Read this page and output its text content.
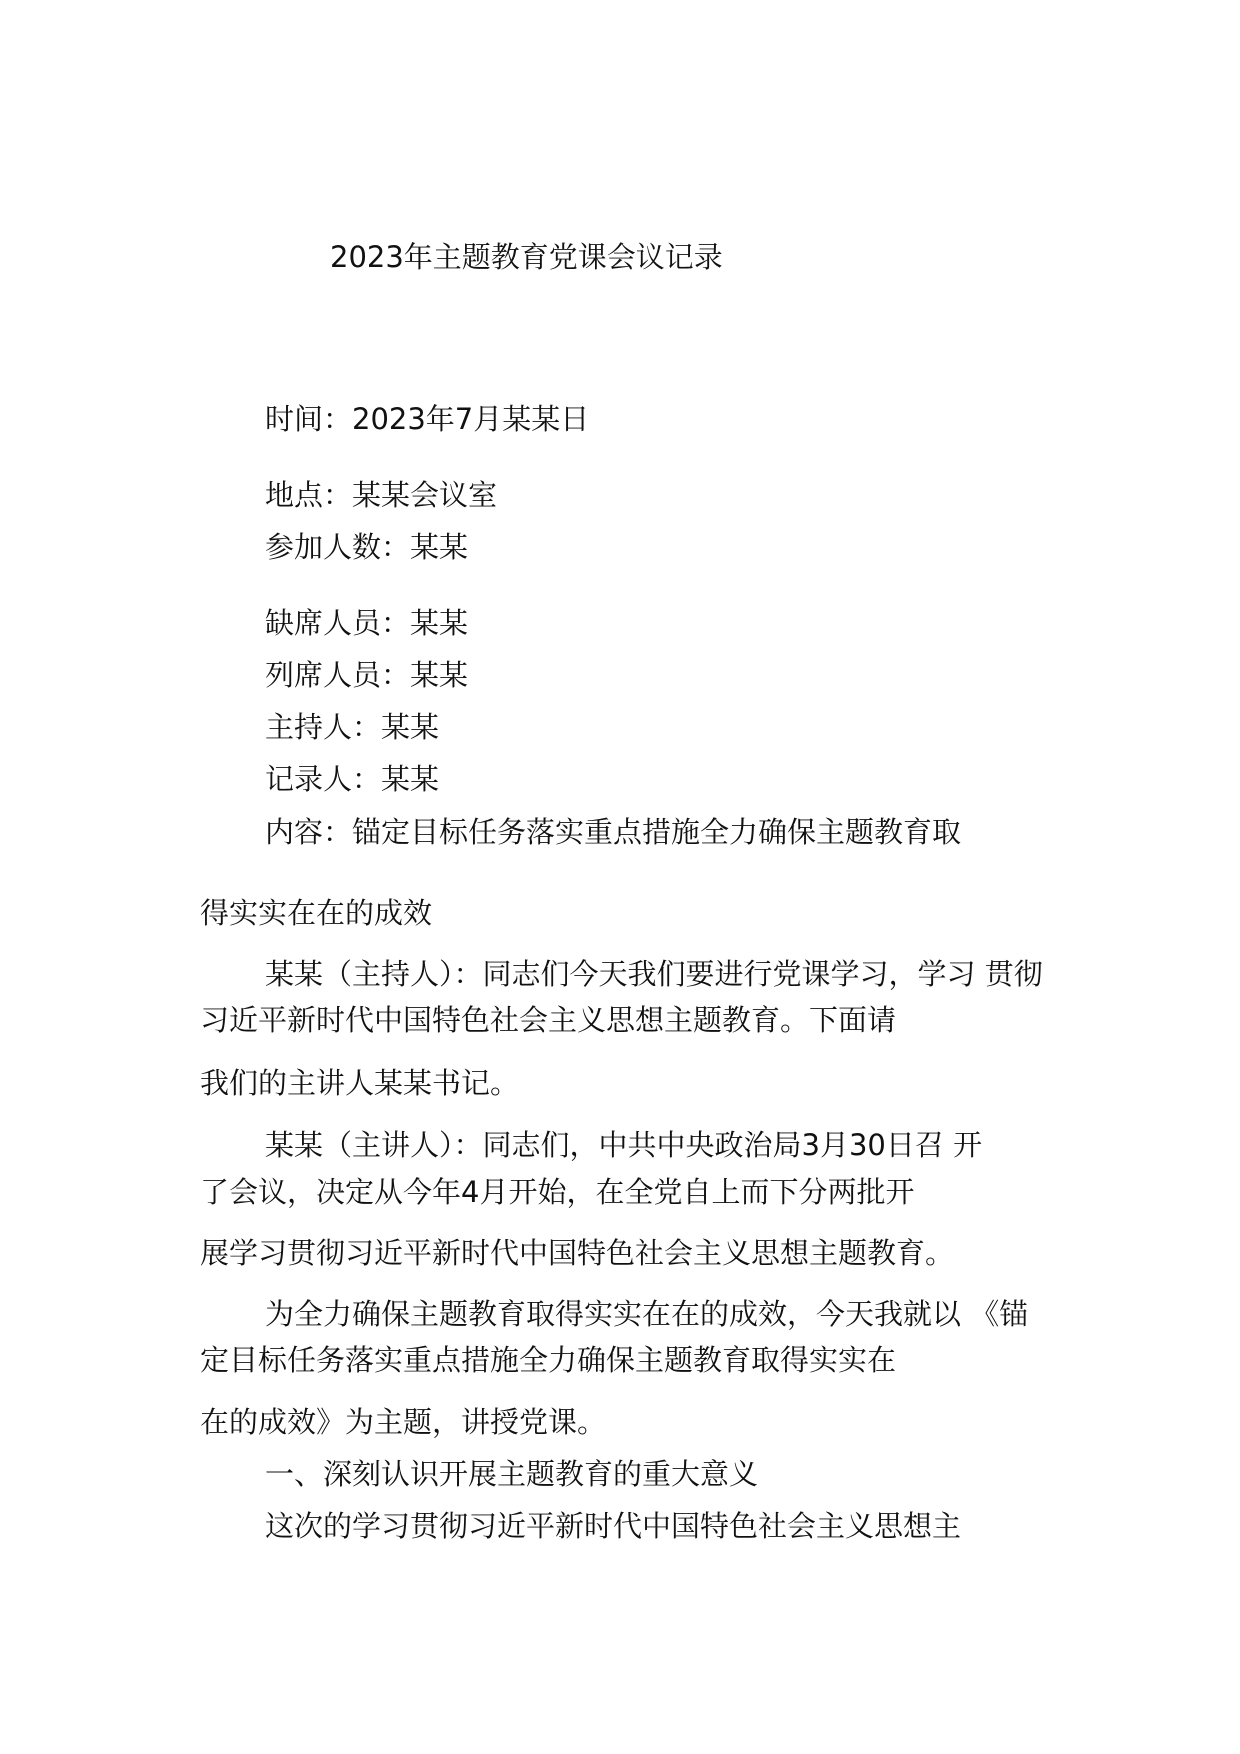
2023年主题教育党课会议记录
时间：2023年7月某某日
地点：某某会议室
参加人数：某某
缺席人员：某某
列席人员：某某
主持人：某某
记录人：某某
内容：锚定目标任务落实重点措施全力确保主题教育取
得实实在在的成效
某某（主持人）：同志们今天我们要进行党课学习，学习 贯彻
习近平新时代中国特色社会主义思想主题教育。下面请
我们的主讲人某某书记。
某某（主讲人）：同志们，中共中央政治局3月30日召 开
了会议，决定从今年4月开始，在全党自上而下分两批开
展学习贯彻习近平新时代中国特色社会主义思想主题教育。
为全力确保主题教育取得实实在在的成效，今天我就以 《锚
定目标任务落实重点措施全力确保主题教育取得实实在
在的成效》为主题，讲授党课。
一、深刻认识开展主题教育的重大意义
这次的学习贯彻习近平新时代中国特色社会主义思想主
